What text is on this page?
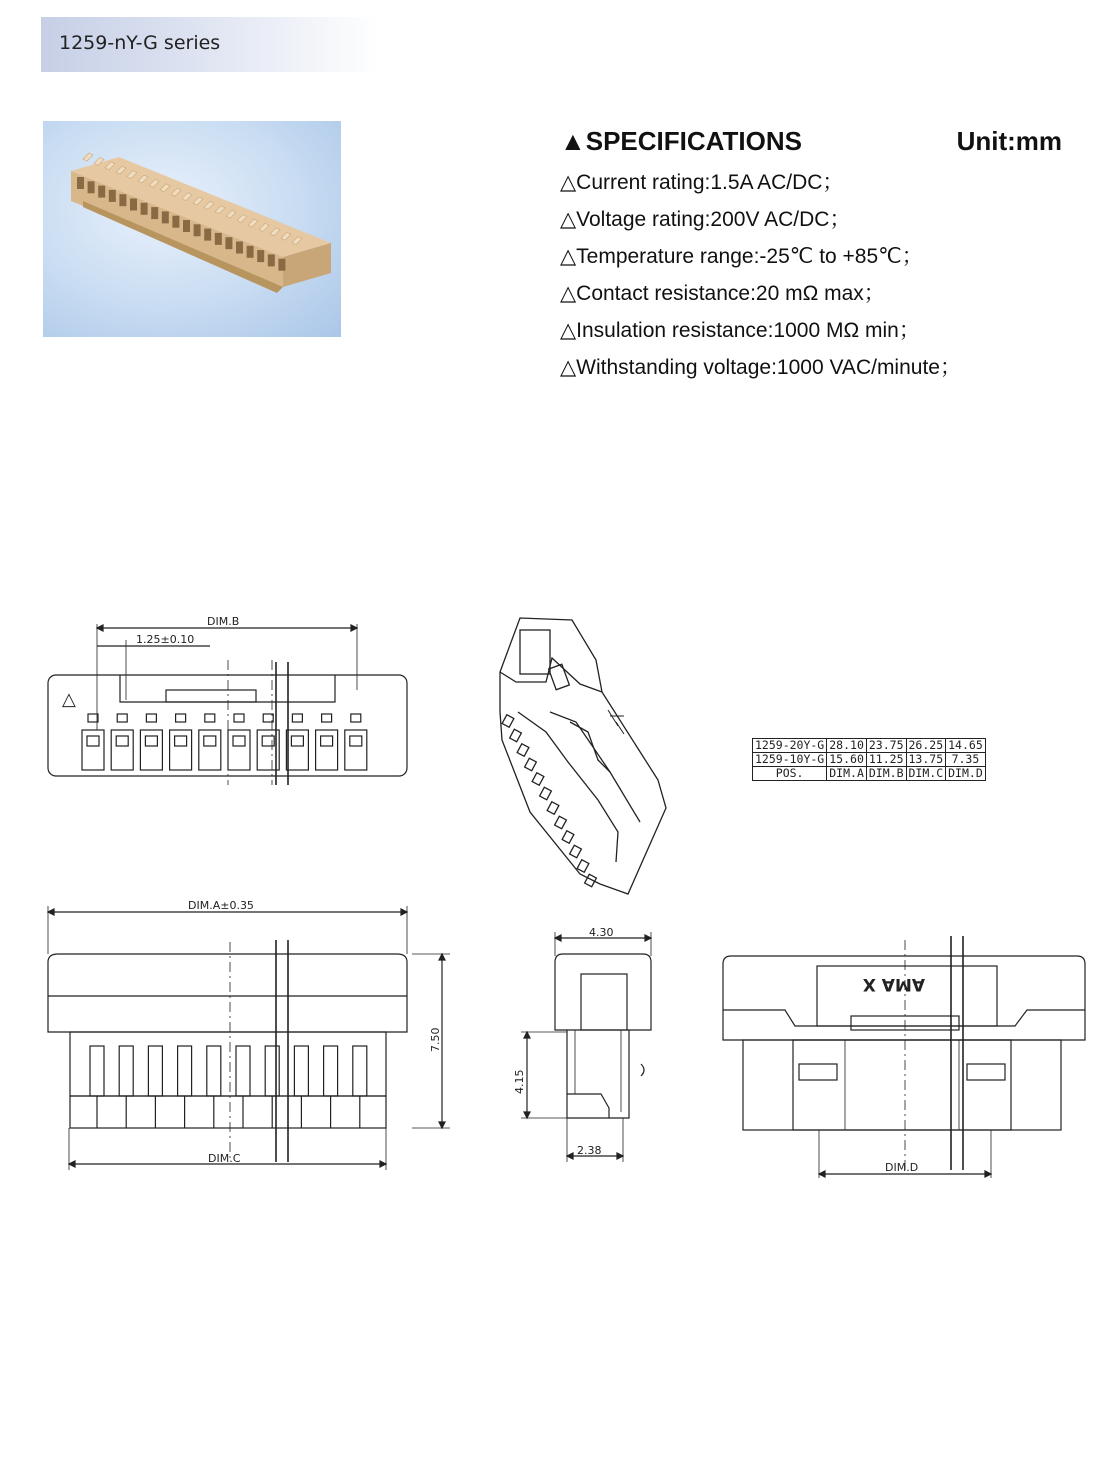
1259-nY-G series
▲SPECIFICATIONS	Unit:mm
△Current rating:1.5A AC/DC；
△Voltage rating:200V AC/DC；
△Temperature range:-25℃ to +85℃；
△Contact resistance:20 mΩ max；
△Insulation resistance:1000 MΩ min；
△Withstanding voltage:1000 VAC/minute；
DIM.B
1.25±0.10
△
1259-20Y-G	28.10	23.75	26.25	14.65
1259-10Y-G	15.60	11.25	13.75	7.35
POS.	DIM.A	DIM.B	DIM.C	DIM.D
DIM.A±0.35
DIM.C
7.50
4.30
4.15
2.38
AMA X
DIM.D
